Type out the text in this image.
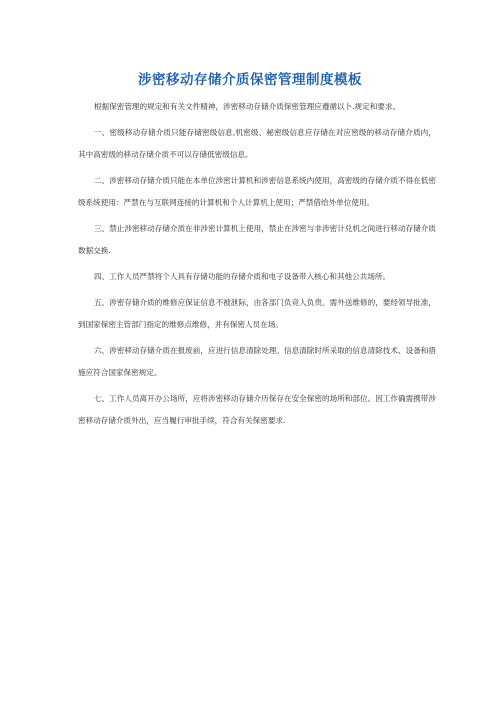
涉密移动存储介质保密管理制度模板

根据保密管理的规定和有关文件精神，涉密移动存储介质保密管理应遵循以卜.规定和要求。

一、密级移动存储介质只能存储密级信息,机密级、秘密级信息应存储在对应密级的移动存储介质内，其中高密级的移动存储介质不可以存储低密级信息。

二、涉密移动存储介质只能在本单位涉密计算机和涉密信息系统内使用，高密级的存储介质不得在低密级系统使用：严禁在与互联网连接的计算机和个人计算机上使用；严禁借给外单位使用。

三、禁止涉密移动存储介质在非涉密计算机上使用，禁止在涉密与非涉密计兑机之间进行移动存储介质数据交换.

四、工作人员严禁将个人具有存储功能的存储介质和电子设备带入核心和其他公共场所。

五、涉密存储介质的维修应保证信息不被泄际，由各部门负竞人负贵。需外送维修的，要经领导批准，到国家保密主管部门指定的维修点维修，并有保密人员在场。

六、涉密移动存储介质在报废前，应进行信息清除处理。信息清除时所采取的信息清除技术、设备和措施应符合国家保密规定。

七、工作人员离开办公场所，应将涉密移动存储介历保存在安全保密的场所和部位。因工作确需携带涉密移动存储介质外出，应当履行审批手续，符合有关保密要求.
